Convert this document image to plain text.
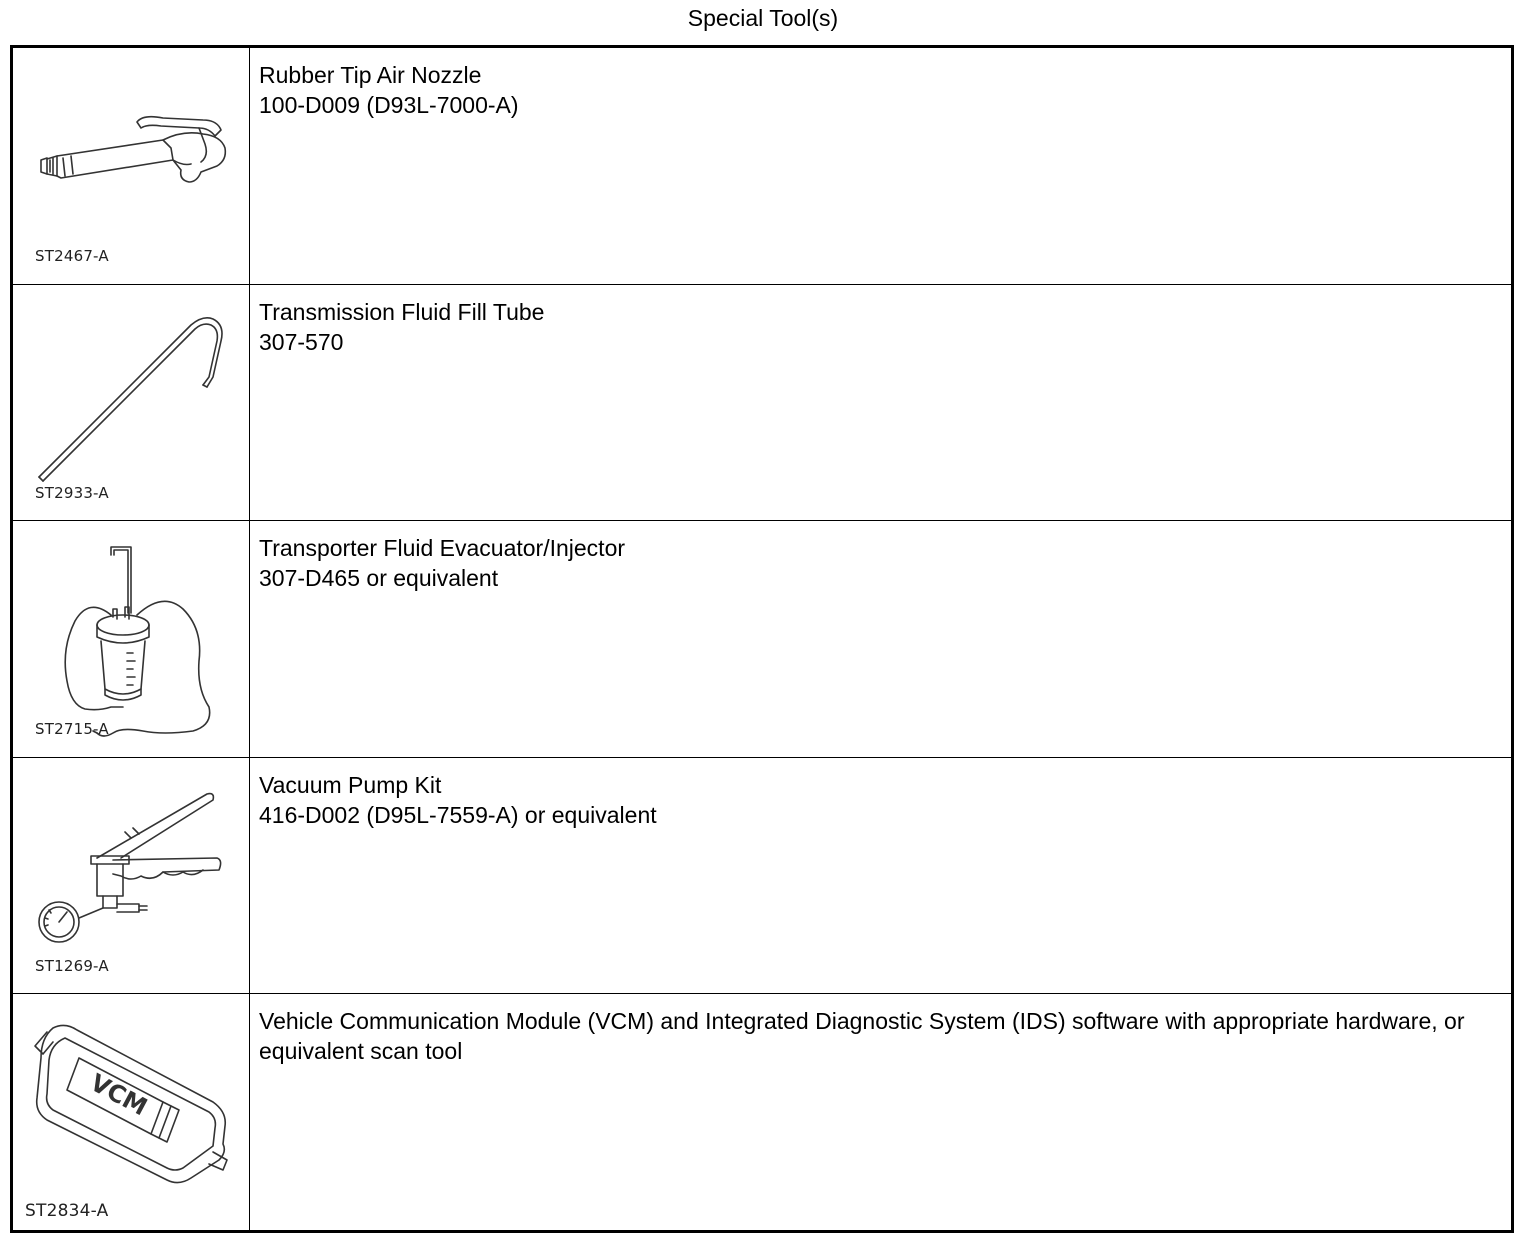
Special Tool(s)
ST2467-A	Rubber Tip Air Nozzle
100-D009 (D93L-7000-A)

ST2933-A	Transmission Fluid Fill Tube
307-570

ST2715-A	Transporter Fluid Evacuator/Injector
307-D465 or equivalent

ST1269-A	Vacuum Pump Kit
416-D002 (D95L-7559-A) or equivalent

VCM
ST2834-A	Vehicle Communication Module (VCM) and Integrated Diagnostic System (IDS) software with appropriate hardware, or equivalent scan tool
